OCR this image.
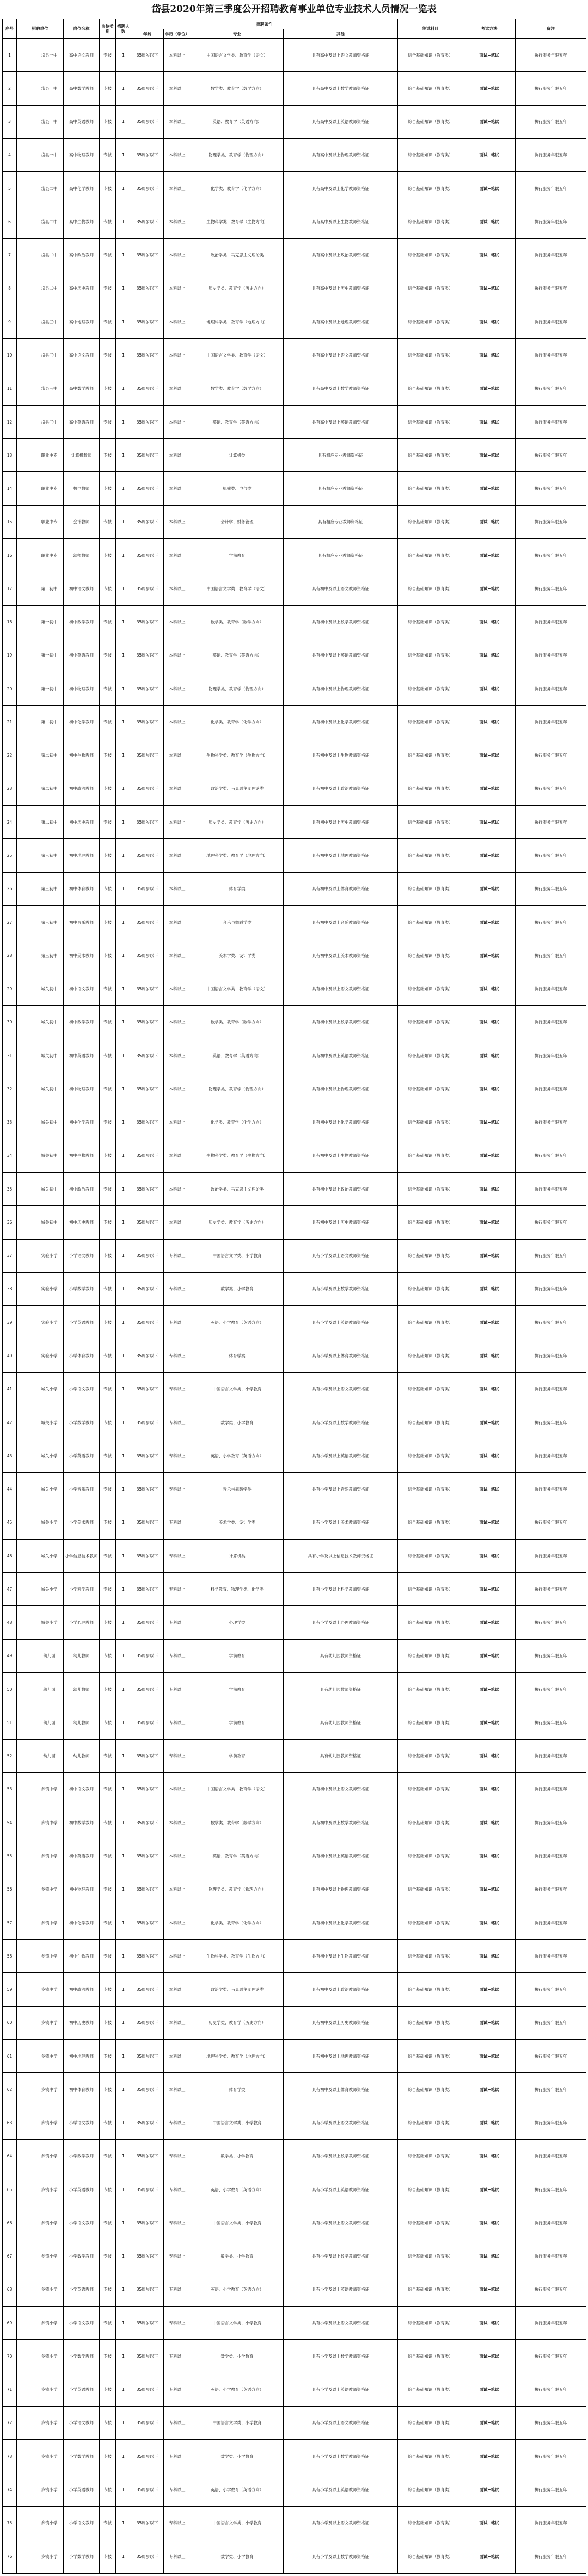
岱县2020年第三季度公开招聘教育事业单位专业技术人员情况一览表
序号	招聘单位		岗位名称	岗位类别	招聘人数	招聘条件				笔试科目	考试方法	备注
						年龄	学历（学位）	专业	其他			
1		岱县一中	高中语文教师	专技	1	35周岁以下	本科以上	中国语言文学类、教育学（语文）	具有高中及以上语文教师资格证	综合基础知识（教育类）	面试+笔试	执行服务年限五年
2		岱县一中	高中数学教师	专技	1	35周岁以下	本科以上	数学类、教育学（数学方向）	具有高中及以上数学教师资格证	综合基础知识（教育类）	面试+笔试	执行服务年限五年
3		岱县一中	高中英语教师	专技	1	35周岁以下	本科以上	英语、教育学（英语方向）	具有高中及以上英语教师资格证	综合基础知识（教育类）	面试+笔试	执行服务年限五年
4		岱县一中	高中物理教师	专技	1	35周岁以下	本科以上	物理学类、教育学（物理方向）	具有高中及以上物理教师资格证	综合基础知识（教育类）	面试+笔试	执行服务年限五年
5		岱县二中	高中化学教师	专技	1	35周岁以下	本科以上	化学类、教育学（化学方向）	具有高中及以上化学教师资格证	综合基础知识（教育类）	面试+笔试	执行服务年限五年
6		岱县二中	高中生物教师	专技	1	35周岁以下	本科以上	生物科学类、教育学（生物方向）	具有高中及以上生物教师资格证	综合基础知识（教育类）	面试+笔试	执行服务年限五年
7		岱县二中	高中政治教师	专技	1	35周岁以下	本科以上	政治学类、马克思主义理论类	具有高中及以上政治教师资格证	综合基础知识（教育类）	面试+笔试	执行服务年限五年
8		岱县二中	高中历史教师	专技	1	35周岁以下	本科以上	历史学类、教育学（历史方向）	具有高中及以上历史教师资格证	综合基础知识（教育类）	面试+笔试	执行服务年限五年
9		岱县三中	高中地理教师	专技	1	35周岁以下	本科以上	地理科学类、教育学（地理方向）	具有高中及以上地理教师资格证	综合基础知识（教育类）	面试+笔试	执行服务年限五年
10		岱县三中	高中语文教师	专技	1	35周岁以下	本科以上	中国语言文学类、教育学（语文）	具有高中及以上语文教师资格证	综合基础知识（教育类）	面试+笔试	执行服务年限五年
11		岱县三中	高中数学教师	专技	1	35周岁以下	本科以上	数学类、教育学（数学方向）	具有高中及以上数学教师资格证	综合基础知识（教育类）	面试+笔试	执行服务年限五年
12		岱县三中	高中英语教师	专技	1	35周岁以下	本科以上	英语、教育学（英语方向）	具有高中及以上英语教师资格证	综合基础知识（教育类）	面试+笔试	执行服务年限五年
13		职业中专	计算机教师	专技	1	35周岁以下	本科以上	计算机类	具有相应专业教师资格证	综合基础知识（教育类）	面试+笔试	执行服务年限五年
14		职业中专	机电教师	专技	1	35周岁以下	本科以上	机械类、电气类	具有相应专业教师资格证	综合基础知识（教育类）	面试+笔试	执行服务年限五年
15		职业中专	会计教师	专技	1	35周岁以下	本科以上	会计学、财务管理	具有相应专业教师资格证	综合基础知识（教育类）	面试+笔试	执行服务年限五年
16		职业中专	幼师教师	专技	1	35周岁以下	本科以上	学前教育	具有相应专业教师资格证	综合基础知识（教育类）	面试+笔试	执行服务年限五年
17		第一初中	初中语文教师	专技	1	35周岁以下	本科以上	中国语言文学类、教育学（语文）	具有初中及以上语文教师资格证	综合基础知识（教育类）	面试+笔试	执行服务年限五年
18		第一初中	初中数学教师	专技	1	35周岁以下	本科以上	数学类、教育学（数学方向）	具有初中及以上数学教师资格证	综合基础知识（教育类）	面试+笔试	执行服务年限五年
19		第一初中	初中英语教师	专技	1	35周岁以下	本科以上	英语、教育学（英语方向）	具有初中及以上英语教师资格证	综合基础知识（教育类）	面试+笔试	执行服务年限五年
20		第一初中	初中物理教师	专技	1	35周岁以下	本科以上	物理学类、教育学（物理方向）	具有初中及以上物理教师资格证	综合基础知识（教育类）	面试+笔试	执行服务年限五年
21		第二初中	初中化学教师	专技	1	35周岁以下	本科以上	化学类、教育学（化学方向）	具有初中及以上化学教师资格证	综合基础知识（教育类）	面试+笔试	执行服务年限五年
22		第二初中	初中生物教师	专技	1	35周岁以下	本科以上	生物科学类、教育学（生物方向）	具有初中及以上生物教师资格证	综合基础知识（教育类）	面试+笔试	执行服务年限五年
23		第二初中	初中政治教师	专技	1	35周岁以下	本科以上	政治学类、马克思主义理论类	具有初中及以上政治教师资格证	综合基础知识（教育类）	面试+笔试	执行服务年限五年
24		第二初中	初中历史教师	专技	1	35周岁以下	本科以上	历史学类、教育学（历史方向）	具有初中及以上历史教师资格证	综合基础知识（教育类）	面试+笔试	执行服务年限五年
25		第三初中	初中地理教师	专技	1	35周岁以下	本科以上	地理科学类、教育学（地理方向）	具有初中及以上地理教师资格证	综合基础知识（教育类）	面试+笔试	执行服务年限五年
26		第三初中	初中体育教师	专技	1	35周岁以下	本科以上	体育学类	具有初中及以上体育教师资格证	综合基础知识（教育类）	面试+笔试	执行服务年限五年
27		第三初中	初中音乐教师	专技	1	35周岁以下	本科以上	音乐与舞蹈学类	具有初中及以上音乐教师资格证	综合基础知识（教育类）	面试+笔试	执行服务年限五年
28		第三初中	初中美术教师	专技	1	35周岁以下	本科以上	美术学类、设计学类	具有初中及以上美术教师资格证	综合基础知识（教育类）	面试+笔试	执行服务年限五年
29		城关初中	初中语文教师	专技	1	35周岁以下	本科以上	中国语言文学类、教育学（语文）	具有初中及以上语文教师资格证	综合基础知识（教育类）	面试+笔试	执行服务年限五年
30		城关初中	初中数学教师	专技	1	35周岁以下	本科以上	数学类、教育学（数学方向）	具有初中及以上数学教师资格证	综合基础知识（教育类）	面试+笔试	执行服务年限五年
31		城关初中	初中英语教师	专技	1	35周岁以下	本科以上	英语、教育学（英语方向）	具有初中及以上英语教师资格证	综合基础知识（教育类）	面试+笔试	执行服务年限五年
32		城关初中	初中物理教师	专技	1	35周岁以下	本科以上	物理学类、教育学（物理方向）	具有初中及以上物理教师资格证	综合基础知识（教育类）	面试+笔试	执行服务年限五年
33		城关初中	初中化学教师	专技	1	35周岁以下	本科以上	化学类、教育学（化学方向）	具有初中及以上化学教师资格证	综合基础知识（教育类）	面试+笔试	执行服务年限五年
34		城关初中	初中生物教师	专技	1	35周岁以下	本科以上	生物科学类、教育学（生物方向）	具有初中及以上生物教师资格证	综合基础知识（教育类）	面试+笔试	执行服务年限五年
35		城关初中	初中政治教师	专技	1	35周岁以下	本科以上	政治学类、马克思主义理论类	具有初中及以上政治教师资格证	综合基础知识（教育类）	面试+笔试	执行服务年限五年
36		城关初中	初中历史教师	专技	1	35周岁以下	本科以上	历史学类、教育学（历史方向）	具有初中及以上历史教师资格证	综合基础知识（教育类）	面试+笔试	执行服务年限五年
37		实验小学	小学语文教师	专技	1	35周岁以下	专科以上	中国语言文学类、小学教育	具有小学及以上语文教师资格证	综合基础知识（教育类）	面试+笔试	执行服务年限五年
38		实验小学	小学数学教师	专技	1	35周岁以下	专科以上	数学类、小学教育	具有小学及以上数学教师资格证	综合基础知识（教育类）	面试+笔试	执行服务年限五年
39		实验小学	小学英语教师	专技	1	35周岁以下	专科以上	英语、小学教育（英语方向）	具有小学及以上英语教师资格证	综合基础知识（教育类）	面试+笔试	执行服务年限五年
40		实验小学	小学体育教师	专技	1	35周岁以下	专科以上	体育学类	具有小学及以上体育教师资格证	综合基础知识（教育类）	面试+笔试	执行服务年限五年
41		城关小学	小学语文教师	专技	1	35周岁以下	专科以上	中国语言文学类、小学教育	具有小学及以上语文教师资格证	综合基础知识（教育类）	面试+笔试	执行服务年限五年
42		城关小学	小学数学教师	专技	1	35周岁以下	专科以上	数学类、小学教育	具有小学及以上数学教师资格证	综合基础知识（教育类）	面试+笔试	执行服务年限五年
43		城关小学	小学英语教师	专技	1	35周岁以下	专科以上	英语、小学教育（英语方向）	具有小学及以上英语教师资格证	综合基础知识（教育类）	面试+笔试	执行服务年限五年
44		城关小学	小学音乐教师	专技	1	35周岁以下	专科以上	音乐与舞蹈学类	具有小学及以上音乐教师资格证	综合基础知识（教育类）	面试+笔试	执行服务年限五年
45		城关小学	小学美术教师	专技	1	35周岁以下	专科以上	美术学类、设计学类	具有小学及以上美术教师资格证	综合基础知识（教育类）	面试+笔试	执行服务年限五年
46		城关小学	小学信息技术教师	专技	1	35周岁以下	专科以上	计算机类	具有小学及以上信息技术教师资格证	综合基础知识（教育类）	面试+笔试	执行服务年限五年
47		城关小学	小学科学教师	专技	1	35周岁以下	专科以上	科学教育、物理学类、化学类	具有小学及以上科学教师资格证	综合基础知识（教育类）	面试+笔试	执行服务年限五年
48		城关小学	小学心理教师	专技	1	35周岁以下	专科以上	心理学类	具有小学及以上心理教师资格证	综合基础知识（教育类）	面试+笔试	执行服务年限五年
49		幼儿园	幼儿教师	专技	1	35周岁以下	专科以上	学前教育	具有幼儿园教师资格证	综合基础知识（教育类）	面试+笔试	执行服务年限五年
50		幼儿园	幼儿教师	专技	1	35周岁以下	专科以上	学前教育	具有幼儿园教师资格证	综合基础知识（教育类）	面试+笔试	执行服务年限五年
51		幼儿园	幼儿教师	专技	1	35周岁以下	专科以上	学前教育	具有幼儿园教师资格证	综合基础知识（教育类）	面试+笔试	执行服务年限五年
52		幼儿园	幼儿教师	专技	1	35周岁以下	专科以上	学前教育	具有幼儿园教师资格证	综合基础知识（教育类）	面试+笔试	执行服务年限五年
53		乡镇中学	初中语文教师	专技	1	35周岁以下	本科以上	中国语言文学类、教育学（语文）	具有初中及以上语文教师资格证	综合基础知识（教育类）	面试+笔试	执行服务年限五年
54		乡镇中学	初中数学教师	专技	1	35周岁以下	本科以上	数学类、教育学（数学方向）	具有初中及以上数学教师资格证	综合基础知识（教育类）	面试+笔试	执行服务年限五年
55		乡镇中学	初中英语教师	专技	1	35周岁以下	本科以上	英语、教育学（英语方向）	具有初中及以上英语教师资格证	综合基础知识（教育类）	面试+笔试	执行服务年限五年
56		乡镇中学	初中物理教师	专技	1	35周岁以下	本科以上	物理学类、教育学（物理方向）	具有初中及以上物理教师资格证	综合基础知识（教育类）	面试+笔试	执行服务年限五年
57		乡镇中学	初中化学教师	专技	1	35周岁以下	本科以上	化学类、教育学（化学方向）	具有初中及以上化学教师资格证	综合基础知识（教育类）	面试+笔试	执行服务年限五年
58		乡镇中学	初中生物教师	专技	1	35周岁以下	本科以上	生物科学类、教育学（生物方向）	具有初中及以上生物教师资格证	综合基础知识（教育类）	面试+笔试	执行服务年限五年
59		乡镇中学	初中政治教师	专技	1	35周岁以下	本科以上	政治学类、马克思主义理论类	具有初中及以上政治教师资格证	综合基础知识（教育类）	面试+笔试	执行服务年限五年
60		乡镇中学	初中历史教师	专技	1	35周岁以下	本科以上	历史学类、教育学（历史方向）	具有初中及以上历史教师资格证	综合基础知识（教育类）	面试+笔试	执行服务年限五年
61		乡镇中学	初中地理教师	专技	1	35周岁以下	本科以上	地理科学类、教育学（地理方向）	具有初中及以上地理教师资格证	综合基础知识（教育类）	面试+笔试	执行服务年限五年
62		乡镇中学	初中体育教师	专技	1	35周岁以下	本科以上	体育学类	具有初中及以上体育教师资格证	综合基础知识（教育类）	面试+笔试	执行服务年限五年
63		乡镇小学	小学语文教师	专技	1	35周岁以下	专科以上	中国语言文学类、小学教育	具有小学及以上语文教师资格证	综合基础知识（教育类）	面试+笔试	执行服务年限五年
64		乡镇小学	小学数学教师	专技	1	35周岁以下	专科以上	数学类、小学教育	具有小学及以上数学教师资格证	综合基础知识（教育类）	面试+笔试	执行服务年限五年
65		乡镇小学	小学英语教师	专技	1	35周岁以下	专科以上	英语、小学教育（英语方向）	具有小学及以上英语教师资格证	综合基础知识（教育类）	面试+笔试	执行服务年限五年
66		乡镇小学	小学语文教师	专技	1	35周岁以下	专科以上	中国语言文学类、小学教育	具有小学及以上语文教师资格证	综合基础知识（教育类）	面试+笔试	执行服务年限五年
67		乡镇小学	小学数学教师	专技	1	35周岁以下	专科以上	数学类、小学教育	具有小学及以上数学教师资格证	综合基础知识（教育类）	面试+笔试	执行服务年限五年
68		乡镇小学	小学英语教师	专技	1	35周岁以下	专科以上	英语、小学教育（英语方向）	具有小学及以上英语教师资格证	综合基础知识（教育类）	面试+笔试	执行服务年限五年
69		乡镇小学	小学语文教师	专技	1	35周岁以下	专科以上	中国语言文学类、小学教育	具有小学及以上语文教师资格证	综合基础知识（教育类）	面试+笔试	执行服务年限五年
70		乡镇小学	小学数学教师	专技	1	35周岁以下	专科以上	数学类、小学教育	具有小学及以上数学教师资格证	综合基础知识（教育类）	面试+笔试	执行服务年限五年
71		乡镇小学	小学英语教师	专技	1	35周岁以下	专科以上	英语、小学教育（英语方向）	具有小学及以上英语教师资格证	综合基础知识（教育类）	面试+笔试	执行服务年限五年
72		乡镇小学	小学语文教师	专技	1	35周岁以下	专科以上	中国语言文学类、小学教育	具有小学及以上语文教师资格证	综合基础知识（教育类）	面试+笔试	执行服务年限五年
73		乡镇小学	小学数学教师	专技	1	35周岁以下	专科以上	数学类、小学教育	具有小学及以上数学教师资格证	综合基础知识（教育类）	面试+笔试	执行服务年限五年
74		乡镇小学	小学英语教师	专技	1	35周岁以下	专科以上	英语、小学教育（英语方向）	具有小学及以上英语教师资格证	综合基础知识（教育类）	面试+笔试	执行服务年限五年
75		乡镇小学	小学语文教师	专技	1	35周岁以下	专科以上	中国语言文学类、小学教育	具有小学及以上语文教师资格证	综合基础知识（教育类）	面试+笔试	执行服务年限五年
76		乡镇小学	小学数学教师	专技	1	35周岁以下	专科以上	数学类、小学教育	具有小学及以上数学教师资格证	综合基础知识（教育类）	面试+笔试	执行服务年限五年
